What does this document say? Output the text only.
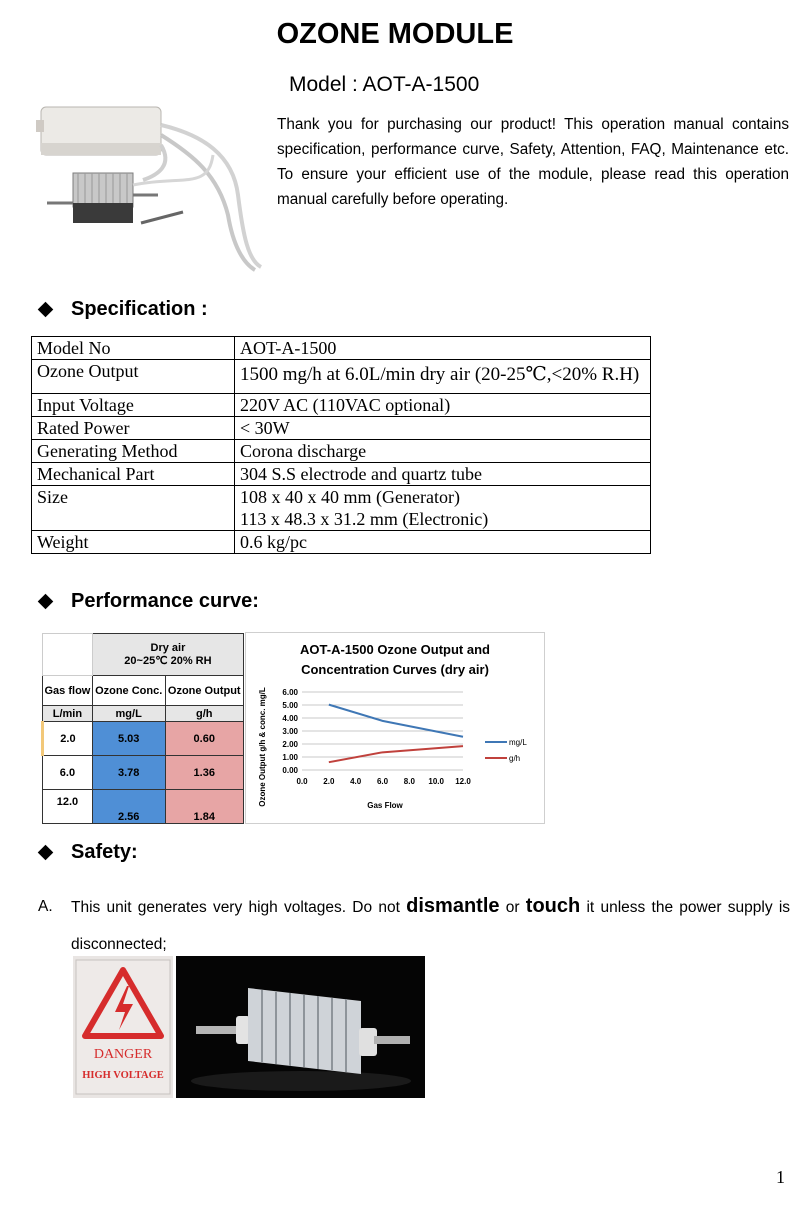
OZONE MODULE
Model : AOT-A-1500
Thank you for purchasing our product! This operation manual contains specification, performance curve, Safety, Attention, FAQ, Maintenance etc. To ensure your efficient use of the module, please read this operation manual carefully before operating.
Specification :
Model No	AOT-A-1500
Ozone Output	1500 mg/h at 6.0L/min dry air (20-25℃,<20% R.H)
Input Voltage	220V AC (110VAC optional)
Rated Power	< 30W
Generating Method	Corona discharge
Mechanical Part	304 S.S electrode and quartz tube
Size	108 x 40 x 40 mm (Generator)
113 x 48.3 x 31.2 mm (Electronic)

Weight	0.6 kg/pc
Performance curve:

	Dry air
20~25℃ 20% RH	

Gas flow	Ozone Conc.	Ozone Output
L/min	mg/L	g/h
2.0	5.03	0.60
6.0	3.78	1.36
12.0	2.56	1.84
AOT-A-1500 Ozone Output and
Concentration Curves (dry air)
Ozone Output g/h & conc. mg/L	Gas Flow
0.00
1.00
2.00
3.00
4.00
5.00
6.00
0.0 2.0 4.0 6.0 8.0 10.0 12.0
mg/L
g/h
Safety:
A. This unit generates very high voltages. Do not dismantle or touch it unless the power supply is disconnected;
DANGER
HIGH VOLTAGE
1
